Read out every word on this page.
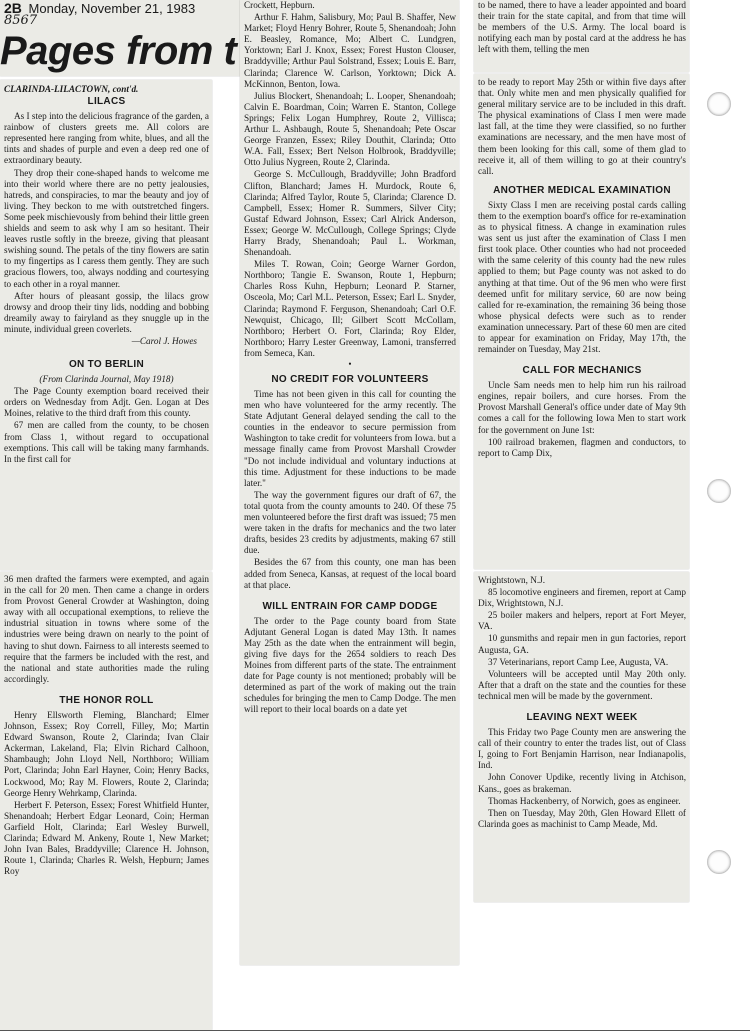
2B Monday, November 21, 1983
8567
Pages from t

CLARINDA-LILACTOWN, cont'd.

LILACS

As I step into the delicious fragrance of the garden, a rainbow of clusters greets me. All colors are represented here ranging from white, blues, and all the tints and shades of purple and even a deep red one of extraordinary beauty.

They drop their cone-shaped hands to welcome me into their world where there are no petty jealousies, hatreds, and conspiracies, to mar the beauty and joy of living. They beckon to me with outstretched fingers. Some peek mischievously from behind their little green shields and seem to ask why I am so hesitant. Their leaves rustle softly in the breeze, giving that pleasant swishing sound. The petals of the tiny flowers are satin to my fingertips as I caress them gently. They are such gracious flowers, too, always nodding and courtesying to each other in a royal manner.

After hours of pleasant gossip, the lilacs grow drowsy and droop their tiny lids, nodding and bobbing dreamily away to fairyland as they snuggle up in the minute, individual green coverlets.

—Carol J. Howes

ON TO BERLIN

(From Clarinda Journal, May 1918)

The Page County exemption board received their orders on Wednesday from Adjt. Gen. Logan at Des Moines, relative to the third draft from this county.

67 men are called from the county, to be chosen from Class 1, without regard to occupational exemptions. This call will be taking many farmhands. In the first call for

36 men drafted the farmers were exempted, and again in the call for 20 men. Then came a change in orders from Provost General Crowder at Washington, doing away with all occupational exemptions, to relieve the industrial situation in towns where some of the industries were being drawn on nearly to the point of having to shut down. Fairness to all interests seemed to require that the farmers be included with the rest, and the national and state authorities made the ruling accordingly.

THE HONOR ROLL

Henry Ellsworth Fleming, Blanchard; Elmer Johnson, Essex; Roy Correll, Filley, Mo; Martin Edward Swanson, Route 2, Clarinda; Ivan Clair Ackerman, Lakeland, Fla; Elvin Richard Calhoon, Shambaugh; John Lloyd Nell, Northboro; William Port, Clarinda; John Earl Hayner, Coin; Henry Backs, Lockwood, Mo; Ray M. Flowers, Route 2, Clarinda; George Henry Wehrkamp, Clarinda.

Herbert F. Peterson, Essex; Forest Whitfield Hunter, Shenandoah; Herbert Edgar Leonard, Coin; Herman Garfield Holt, Clarinda; Earl Wesley Burwell, Clarinda; Edward M. Ankeny, Route 1, New Market; John Ivan Bales, Braddyville; Clarence H. Johnson, Route 1, Clarinda; Charles R. Welsh, Hepburn; James Roy

Crockett, Hepburn.

Arthur F. Hahm, Salisbury, Mo; Paul B. Shaffer, New Market; Floyd Henry Bohrer, Route 5, Shenandoah; John E. Beasley, Romance, Mo; Albert C. Lundgren, Yorktown; Earl J. Knox, Essex; Forest Huston Clouser, Braddyville; Arthur Paul Solstrand, Essex; Louis E. Barr, Clarinda; Clarence W. Carlson, Yorktown; Dick A. McKinnon, Benton, Iowa.

Julius Blockert, Shenandoah; L. Looper, Shenandoah; Calvin E. Boardman, Coin; Warren E. Stanton, College Springs; Felix Logan Humphrey, Route 2, Villisca; Arthur L. Ashbaugh, Route 5, Shenandoah; Pete Oscar George Franzen, Essex; Riley Douthit, Clarinda; Otto W.A. Fall, Essex; Bert Nelson Holbrook, Braddyville; Otto Julius Nygreen, Route 2, Clarinda.

George S. McCullough, Braddyville; John Bradford Clifton, Blanchard; James H. Murdock, Route 6, Clarinda; Alfred Taylor, Route 5, Clarinda; Clarence D. Campbell, Essex; Homer R. Summers, Silver City; Gustaf Edward Johnson, Essex; Carl Alrick Anderson, Essex; George W. McCullough, College Springs; Clyde Harry Brady, Shenandoah; Paul L. Workman, Shenandoah.

Miles T. Rowan, Coin; George Warner Gordon, Northboro; Tangie E. Swanson, Route 1, Hepburn; Charles Ross Kuhn, Hepburn; Leonard P. Starner, Osceola, Mo; Carl M.L. Peterson, Essex; Earl L. Snyder, Clarinda; Raymond F. Ferguson, Shenandoah; Carl O.F. Newquist, Chicago, Ill; Gilbert Scott McCollam, Northboro; Herbert O. Fort, Clarinda; Roy Elder, Northboro; Harry Lester Greenway, Lamoni, transferred from Semeca, Kan.

•
NO CREDIT FOR VOLUNTEERS

Time has not been given in this call for counting the men who have volunteered for the army recently. The State Adjutant General delayed sending the call to the counties in the endeavor to secure permission from Washington to take credit for volunteers from Iowa. but a message finally came from Provost Marshall Crowder "Do not include individual and voluntary inductions at this time. Adjustment for these inductions to be made later."

The way the government figures our draft of 67, the total quota from the county amounts to 240. Of these 75 men volunteered before the first draft was issued; 75 men were taken in the drafts for mechanics and the two later drafts, besides 23 credits by adjustments, making 67 still due.

Besides the 67 from this county, one man has been added from Seneca, Kansas, at request of the local board at that place.

WILL ENTRAIN FOR CAMP DODGE

The order to the Page county board from State Adjutant General Logan is dated May 13th. It names May 25th as the date when the entrainment will begin, giving five days for the 2654 soldiers to reach Des Moines from different parts of the state. The entrainment date for Page county is not mentioned; probably will be determined as part of the work of making out the train schedules for bringing the men to Camp Dodge. The men will report to their local boards on a date yet

to be named, there to have a leader appointed and board their train for the state capital, and from that time will be members of the U.S. Army. The local board is notifying each man by postal card at the address he has left with them, telling the men

to be ready to report May 25th or within five days after that. Only white men and men physically qualified for general military service are to be included in this draft. The physical examinations of Class I men were made last fall, at the time they were classified, so no further examinations are necessary, and the men have most of them been looking for this call, some of them glad to receive it, all of them willing to go at their country's call.

ANOTHER MEDICAL EXAMINATION

Sixty Class I men are receiving postal cards calling them to the exemption board's office for re-examination as to physical fitness. A change in examination rules was sent us just after the examination of Class I men first took place. Other counties who had not proceeded with the same celerity of this county had the new rules applied to them; but Page county was not asked to do anything at that time. Out of the 96 men who were first deemed unfit for military service, 60 are now being called for re-examination, the remaining 36 being those whose physical defects were such as to render examination unnecessary. Part of these 60 men are cited to appear for examination on Friday, May 17th, the remainder on Tuesday, May 21st.

CALL FOR MECHANICS

Uncle Sam needs men to help him run his railroad engines, repair boilers, and cure horses. From the Provost Marshall General's office under date of May 9th comes a call for the following Iowa Men to start work for the government on June 1st:

100 railroad brakemen, flagmen and conductors, to report to Camp Dix,

Wrightstown, N.J.

85 locomotive engineers and firemen, report at Camp Dix, Wrightstown, N.J.

25 boiler makers and helpers, report at Fort Meyer, VA.

10 gunsmiths and repair men in gun factories, report Augusta, GA.

37 Veterinarians, report Camp Lee, Augusta, VA.

Volunteers will be accepted until May 20th only. After that a draft on the state and the counties for these technical men will be made by the government.

LEAVING NEXT WEEK

This Friday two Page County men are answering the call of their country to enter the trades list, out of Class I, going to Fort Benjamin Harrison, near Indianapolis, Ind.

John Conover Updike, recently living in Atchison, Kans., goes as brakeman.

Thomas Hackenberry, of Norwich, goes as engineer.

Then on Tuesday, May 20th, Glen Howard Ellett of Clarinda goes as machinist to Camp Meade, Md.
